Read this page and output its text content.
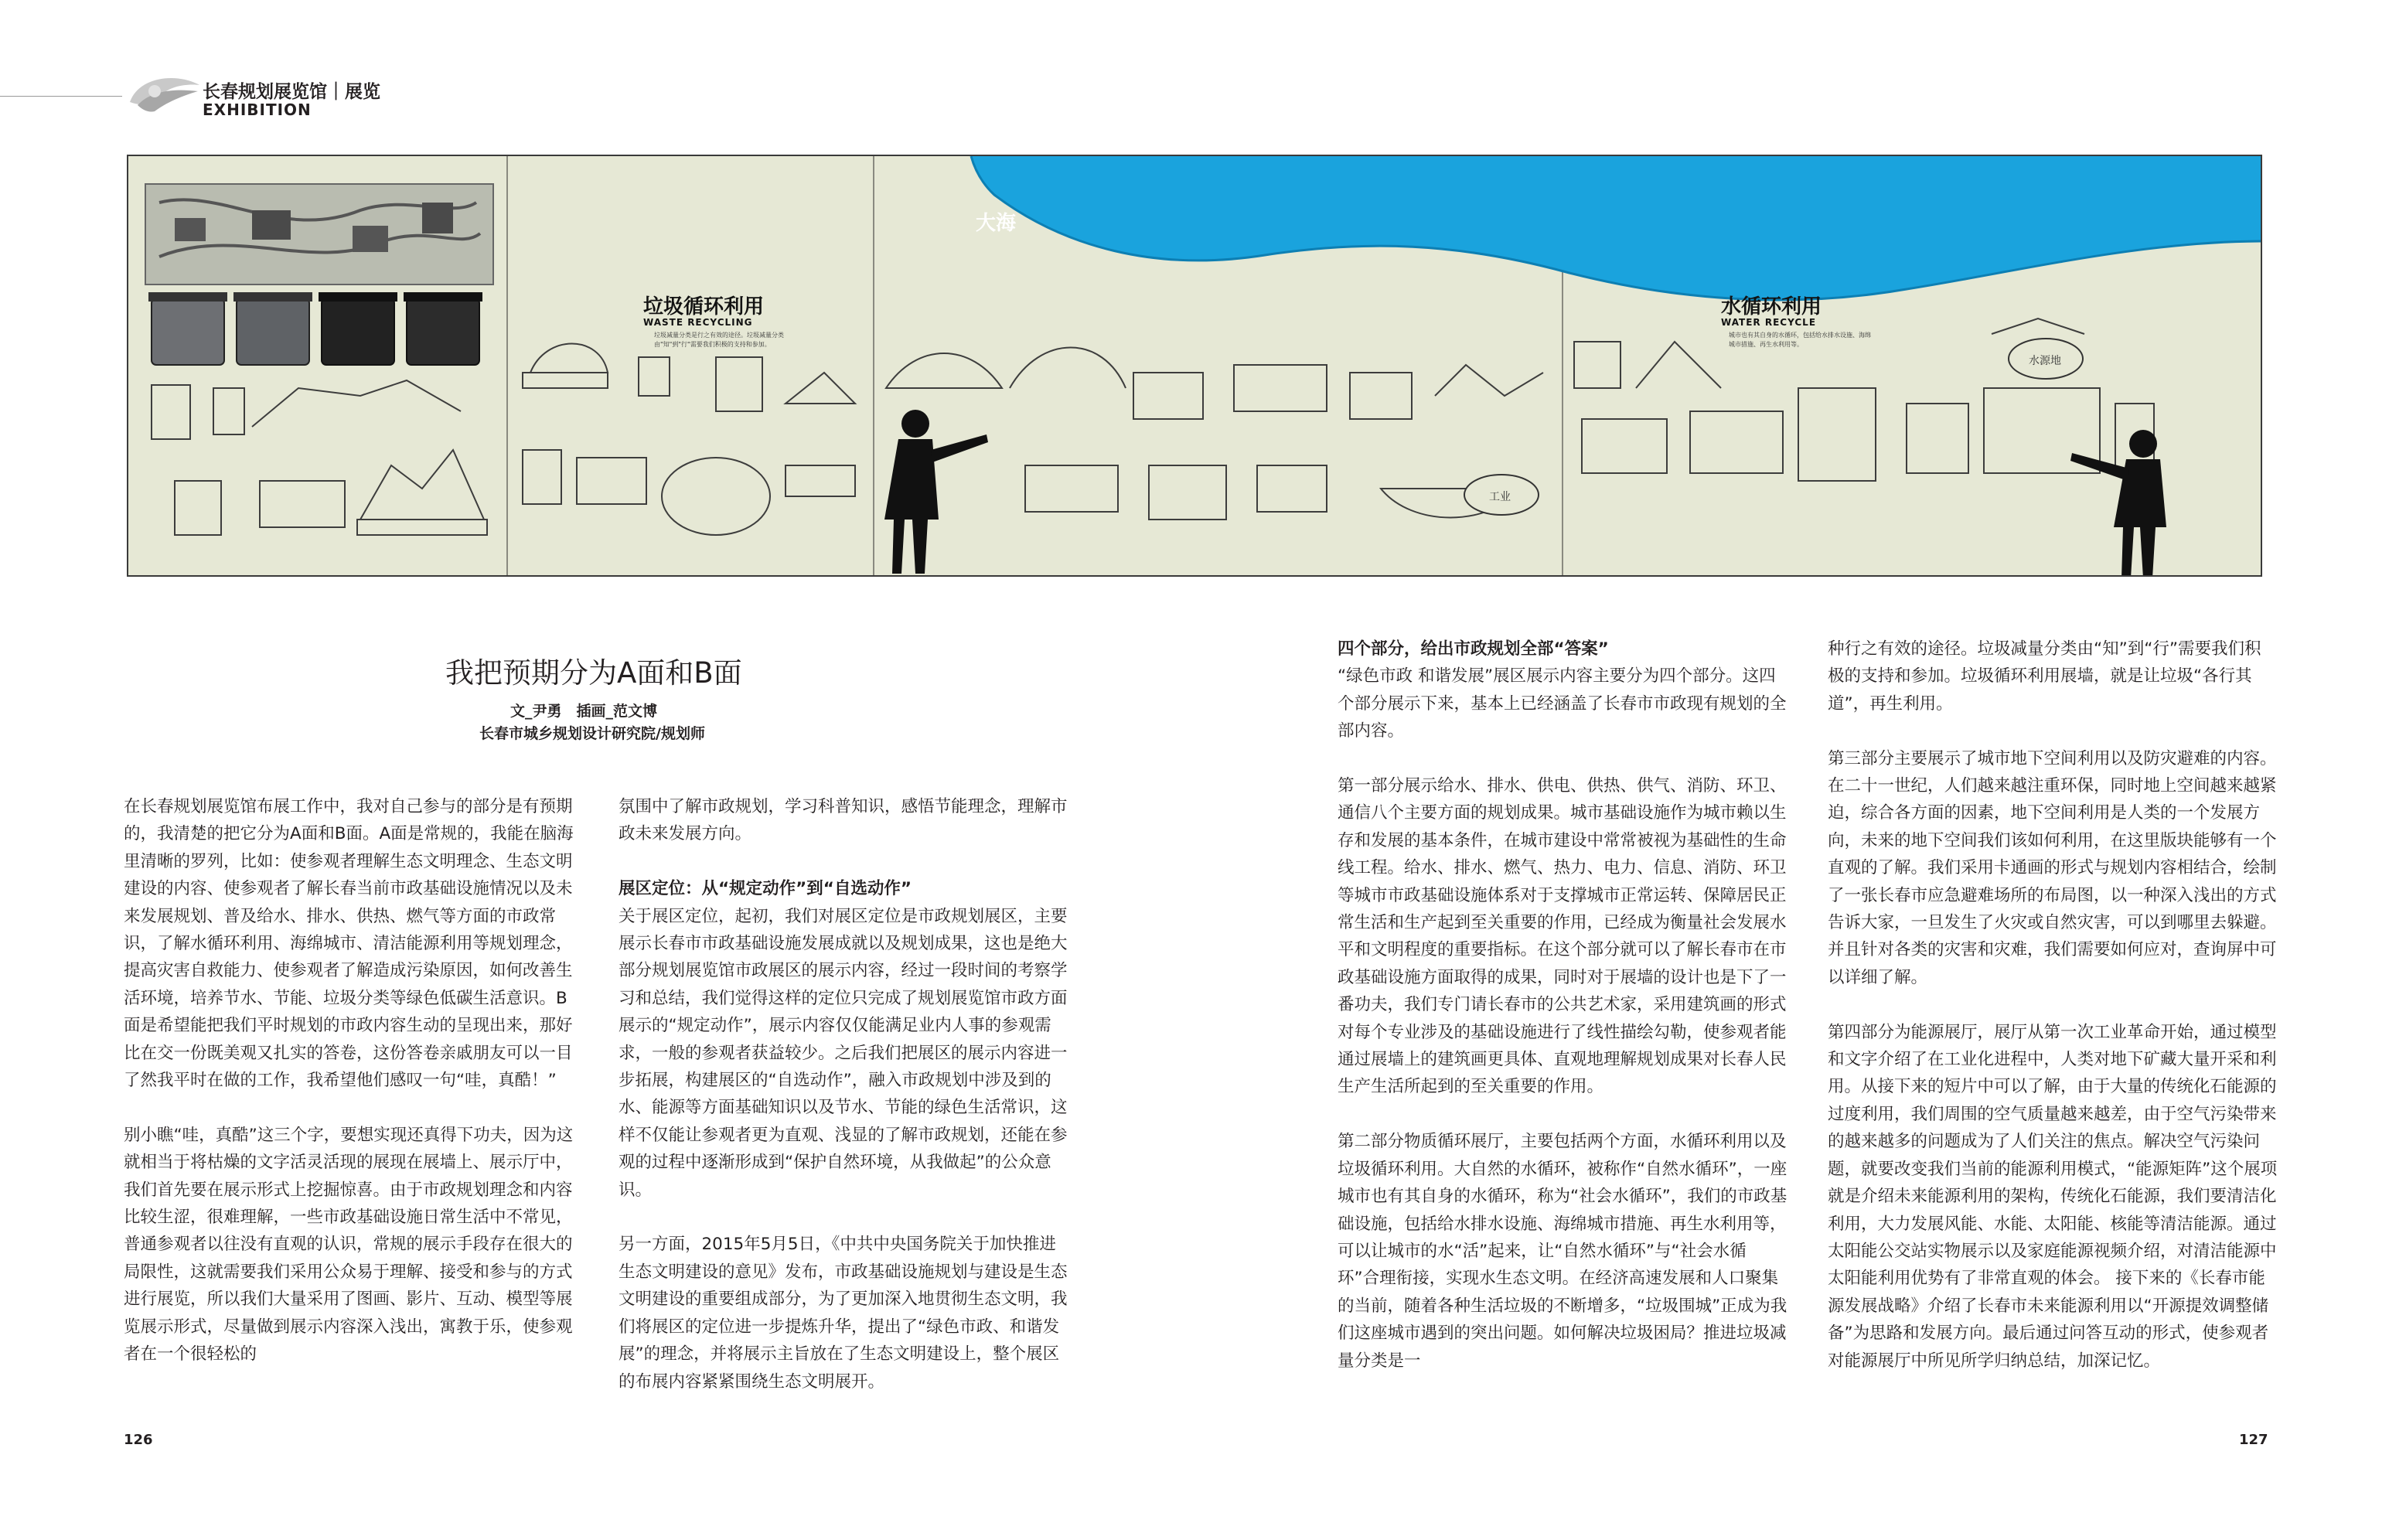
长春规划展览馆｜展览
EXHIBITION
大海
垃圾循环利用
WASTE RECYCLING
垃圾减量分类是行之有效的途径。垃圾减量分类由"知"到"行"需要我们积极的支持和参加。
水循环利用
WATER RECYCLE
城市也有其自身的水循环，包括给水排水设施、海绵城市措施、再生水利用等。
工业
水源地
我把预期分为A面和B面
文_尹勇　插画_范文博
长春市城乡规划设计研究院/规划师

在长春规划展览馆布展工作中，我对自己参与的部分是有预期的，我清楚的把它分为A面和B面。A面是常规的，我能在脑海里清晰的罗列，比如：使参观者理解生态文明理念、生态文明建设的内容、使参观者了解长春当前市政基础设施情况以及未来发展规划、普及给水、排水、供热、燃气等方面的市政常识，了解水循环利用、海绵城市、清洁能源利用等规划理念，提高灾害自救能力、使参观者了解造成污染原因，如何改善生活环境，培养节水、节能、垃圾分类等绿色低碳生活意识。B面是希望能把我们平时规划的市政内容生动的呈现出来，那好比在交一份既美观又扎实的答卷，这份答卷亲戚朋友可以一目了然我平时在做的工作，我希望他们感叹一句“哇，真酷！”

别小瞧“哇，真酷”这三个字，要想实现还真得下功夫，因为这就相当于将枯燥的文字活灵活现的展现在展墙上、展示厅中，我们首先要在展示形式上挖掘惊喜。由于市政规划理念和内容比较生涩，很难理解，一些市政基础设施日常生活中不常见，普通参观者以往没有直观的认识，常规的展示手段存在很大的局限性，这就需要我们采用公众易于理解、接受和参与的方式进行展览，所以我们大量采用了图画、影片、互动、模型等展览展示形式，尽量做到展示内容深入浅出，寓教于乐，使参观者在一个很轻松的

氛围中了解市政规划，学习科普知识，感悟节能理念，理解市政未来发展方向。

展区定位：从“规定动作”到“自选动作”

关于展区定位，起初，我们对展区定位是市政规划展区，主要展示长春市市政基础设施发展成就以及规划成果，这也是绝大部分规划展览馆市政展区的展示内容，经过一段时间的考察学习和总结，我们觉得这样的定位只完成了规划展览馆市政方面展示的“规定动作”，展示内容仅仅能满足业内人事的参观需求，一般的参观者获益较少。之后我们把展区的展示内容进一步拓展，构建展区的“自选动作”，融入市政规划中涉及到的水、能源等方面基础知识以及节水、节能的绿色生活常识，这样不仅能让参观者更为直观、浅显的了解市政规划，还能在参观的过程中逐渐形成到“保护自然环境，从我做起”的公众意识。

另一方面，2015年5月5日，《中共中央国务院关于加快推进生态文明建设的意见》发布，市政基础设施规划与建设是生态文明建设的重要组成部分，为了更加深入地贯彻生态文明，我们将展区的定位进一步提炼升华，提出了“绿色市政、和谐发展”的理念，并将展示主旨放在了生态文明建设上，整个展区的布展内容紧紧围绕生态文明展开。

四个部分，给出市政规划全部“答案”

“绿色市政 和谐发展”展区展示内容主要分为四个部分。这四个部分展示下来，基本上已经涵盖了长春市市政现有规划的全部内容。

第一部分展示给水、排水、供电、供热、供气、消防、环卫、通信八个主要方面的规划成果。城市基础设施作为城市赖以生存和发展的基本条件，在城市建设中常常被视为基础性的生命线工程。给水、排水、燃气、热力、电力、信息、消防、环卫等城市市政基础设施体系对于支撑城市正常运转、保障居民正常生活和生产起到至关重要的作用，已经成为衡量社会发展水平和文明程度的重要指标。在这个部分就可以了解长春市在市政基础设施方面取得的成果，同时对于展墙的设计也是下了一番功夫，我们专门请长春市的公共艺术家，采用建筑画的形式对每个专业涉及的基础设施进行了线性描绘勾勒，使参观者能通过展墙上的建筑画更具体、直观地理解规划成果对长春人民生产生活所起到的至关重要的作用。

第二部分物质循环展厅，主要包括两个方面，水循环利用以及垃圾循环利用。大自然的水循环，被称作“自然水循环”，一座城市也有其自身的水循环，称为“社会水循环”，我们的市政基础设施，包括给水排水设施、海绵城市措施、再生水利用等，可以让城市的水“活”起来，让“自然水循环”与“社会水循环”合理衔接，实现水生态文明。在经济高速发展和人口聚集的当前，随着各种生活垃圾的不断增多，“垃圾围城”正成为我们这座城市遇到的突出问题。如何解决垃圾困局？推进垃圾减量分类是一

种行之有效的途径。垃圾减量分类由“知”到“行”需要我们积极的支持和参加。垃圾循环利用展墙，就是让垃圾“各行其道”，再生利用。

第三部分主要展示了城市地下空间利用以及防灾避难的内容。在二十一世纪，人们越来越注重环保，同时地上空间越来越紧迫，综合各方面的因素，地下空间利用是人类的一个发展方向，未来的地下空间我们该如何利用，在这里版块能够有一个直观的了解。我们采用卡通画的形式与规划内容相结合，绘制了一张长春市应急避难场所的布局图，以一种深入浅出的方式告诉大家，一旦发生了火灾或自然灾害，可以到哪里去躲避。并且针对各类的灾害和灾难，我们需要如何应对，查询屏中可以详细了解。

第四部分为能源展厅，展厅从第一次工业革命开始，通过模型和文字介绍了在工业化进程中，人类对地下矿藏大量开采和利用。从接下来的短片中可以了解，由于大量的传统化石能源的过度利用，我们周围的空气质量越来越差，由于空气污染带来的越来越多的问题成为了人们关注的焦点。解决空气污染问题，就要改变我们当前的能源利用模式，“能源矩阵”这个展项就是介绍未来能源利用的架构，传统化石能源，我们要清洁化利用，大力发展风能、水能、太阳能、核能等清洁能源。通过太阳能公交站实物展示以及家庭能源视频介绍，对清洁能源中太阳能利用优势有了非常直观的体会。 接下来的《长春市能源发展战略》介绍了长春市未来能源利用以“开源提效调整储备”为思路和发展方向。最后通过问答互动的形式，使参观者对能源展厅中所见所学归纳总结，加深记忆。

126	127
